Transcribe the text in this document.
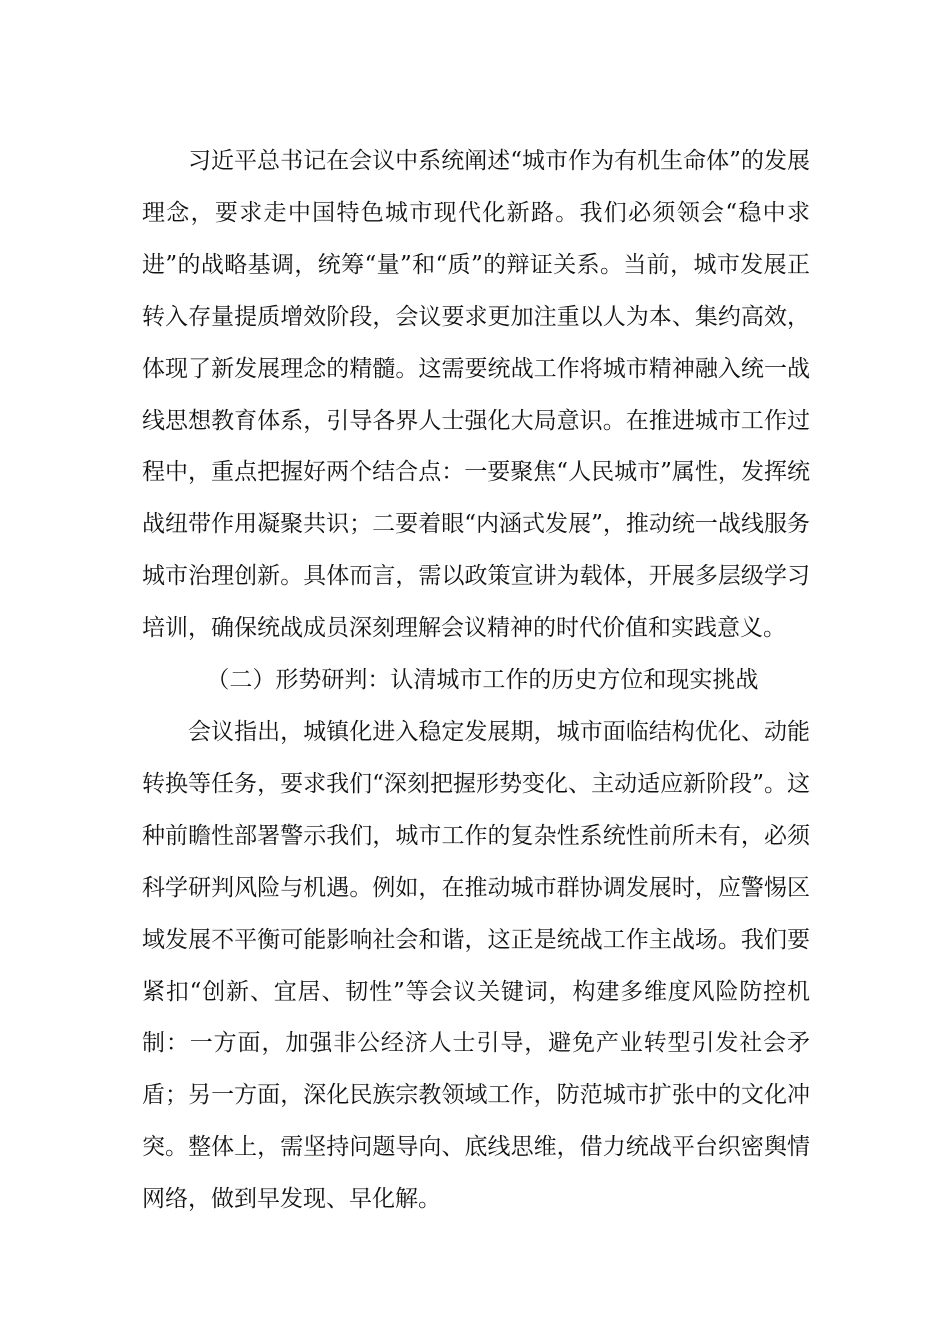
习近平总书记在会议中系统阐述“城市作为有机生命体”的发展理念，要求走中国特色城市现代化新路。我们必须领会“稳中求进”的战略基调，统筹“量”和“质”的辩证关系。当前，城市发展正转入存量提质增效阶段，会议要求更加注重以人为本、集约高效，体现了新发展理念的精髓。这需要统战工作将城市精神融入统一战线思想教育体系，引导各界人士强化大局意识。在推进城市工作过程中，重点把握好两个结合点：一要聚焦“人民城市”属性，发挥统战纽带作用凝聚共识；二要着眼“内涵式发展”，推动统一战线服务城市治理创新。具体而言，需以政策宣讲为载体，开展多层级学习培训，确保统战成员深刻理解会议精神的时代价值和实践意义。

（二）形势研判：认清城市工作的历史方位和现实挑战

会议指出，城镇化进入稳定发展期，城市面临结构优化、动能转换等任务，要求我们“深刻把握形势变化、主动适应新阶段”。这种前瞻性部署警示我们，城市工作的复杂性系统性前所未有，必须科学研判风险与机遇。例如，在推动城市群协调发展时，应警惕区域发展不平衡可能影响社会和谐，这正是统战工作主战场。我们要紧扣“创新、宜居、韧性”等会议关键词，构建多维度风险防控机制：一方面，加强非公经济人士引导，避免产业转型引发社会矛盾；另一方面，深化民族宗教领域工作，防范城市扩张中的文化冲突。整体上，需坚持问题导向、底线思维，借力统战平台织密舆情网络，做到早发现、早化解。
